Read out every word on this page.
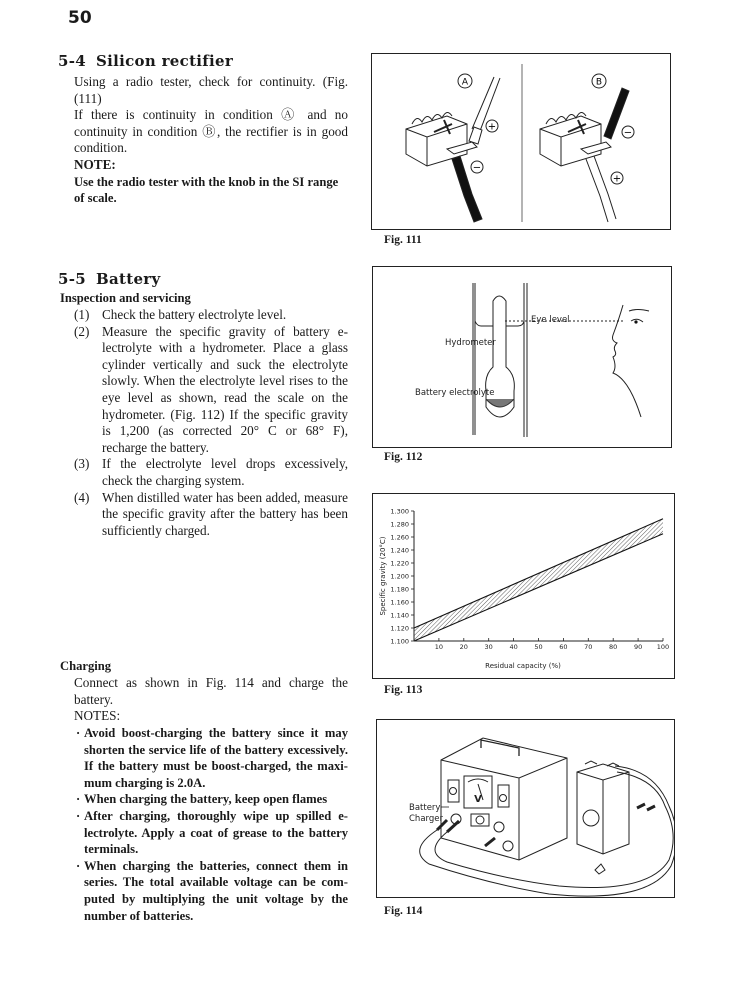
50
5-4 Silicon rectifier
Using a radio tester, check for continuity. (Fig. (111)
If there is continuity in condition Ⓐ and no continuity in condition Ⓑ, the rectifier is in good condition.
NOTE:
Use the radio tester with the knob in the SI range of scale.
5-5 Battery
Inspection and servicing
(1) Check the battery electrolyte level.
(2) Measure the specific gravity of battery e-lectrolyte with a hydrometer. Place a glass cylinder vertically and suck the electrolyte slowly. When the electrolyte level rises to the eye level as shown, read the scale on the hydrometer. (Fig. 112) If the specific gravity is 1,200 (as corrected 20° C or 68° F), recharge the battery.
(3) If the electrolyte level drops excessively, check the charging system.
(4) When distilled water has been added, measure the specific gravity after the battery has been sufficiently charged.
Charging
Connect as shown in Fig. 114 and charge the battery.
NOTES:
· Avoid boost-charging the battery since it may shorten the service life of the battery excessively. If the battery must be boost-charged, the maxi-mum charging is 2.0A.
· When charging the battery, keep open flames
· After charging, thoroughly wipe up spilled e-lectrolyte. Apply a coat of grease to the battery terminals.
· When charging the batteries, connect them in series. The total available voltage can be com-puted by multiplying the unit voltage by the number of batteries.
A
+
−
B
−
+
Fig. 111
Hydrometer
Eye level
Battery electrolyte
Fig. 112
1.100
1.120
1.140
1.160
1.180
1.200
1.220
1.240
1.260
1.280
1.300
10	20	30	40	50	60	70	80	90 100
Residual capacity (%)
Specific gravity (20°C)
Fig. 113
V
Battery
Charger
Fig. 114
